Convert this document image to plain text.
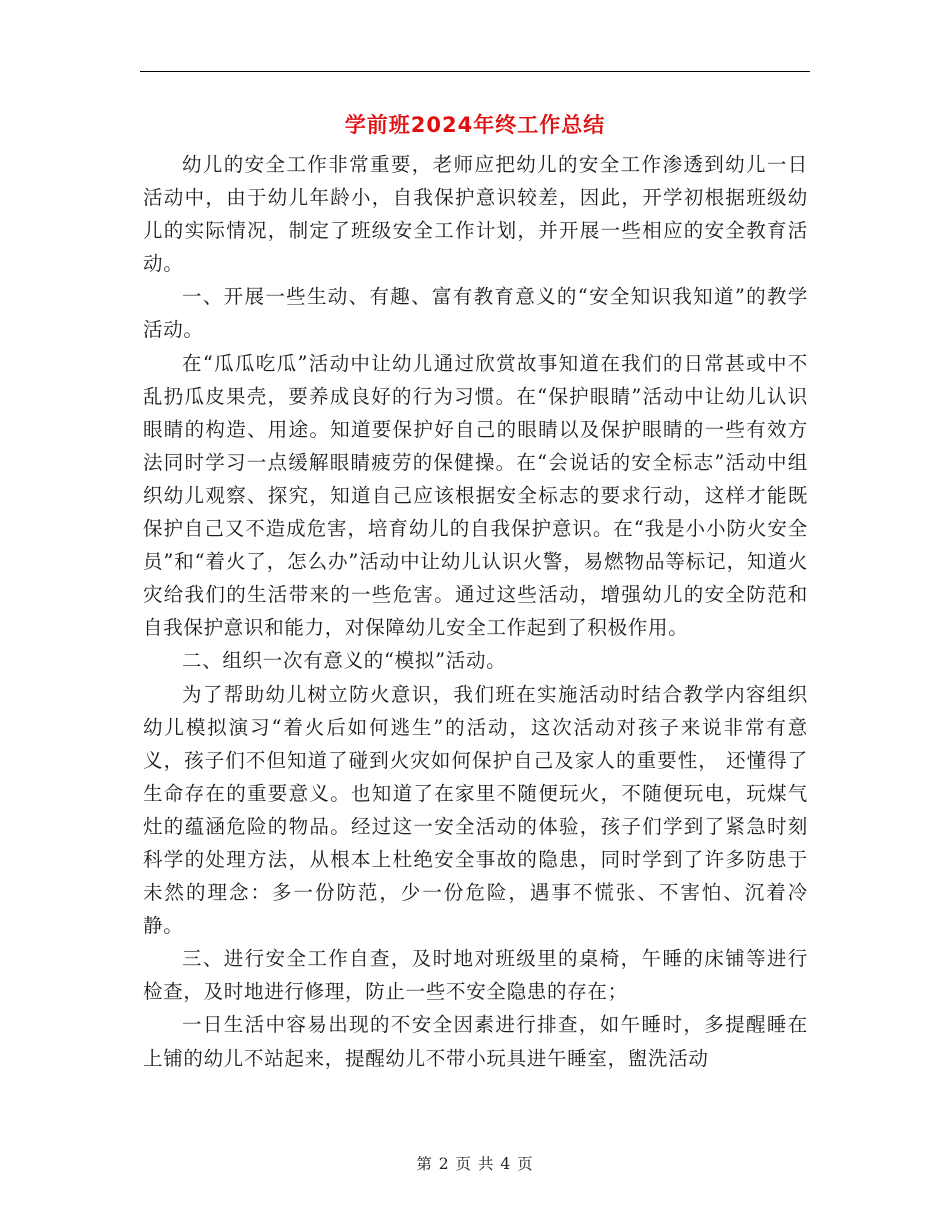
学前班2024年终工作总结

幼儿的安全工作非常重要，老师应把幼儿的安全工作渗透到幼儿一日活动中，由于幼儿年龄小，自我保护意识较差，因此，开学初根据班级幼儿的实际情况，制定了班级安全工作计划，并开展一些相应的安全教育活动。

一、开展一些生动、有趣、富有教育意义的“安全知识我知道”的教学活动。

在“瓜瓜吃瓜”活动中让幼儿通过欣赏故事知道在我们的日常甚或中不乱扔瓜皮果壳，要养成良好的行为习惯。在“保护眼睛”活动中让幼儿认识眼睛的构造、用途。知道要保护好自己的眼睛以及保护眼睛的一些有效方法同时学习一点缓解眼睛疲劳的保健操。在“会说话的安全标志”活动中组织幼儿观察、探究，知道自己应该根据安全标志的要求行动，这样才能既保护自己又不造成危害，培育幼儿的自我保护意识。在“我是小小防火安全员”和“着火了，怎么办”活动中让幼儿认识火警，易燃物品等标记，知道火灾给我们的生活带来的一些危害。通过这些活动，增强幼儿的安全防范和自我保护意识和能力，对保障幼儿安全工作起到了积极作用。

二、组织一次有意义的“模拟”活动。

为了帮助幼儿树立防火意识，我们班在实施活动时结合教学内容组织幼儿模拟演习“着火后如何逃生”的活动，这次活动对孩子来说非常有意义，孩子们不但知道了碰到火灾如何保护自己及家人的重要性， 还懂得了生命存在的重要意义。也知道了在家里不随便玩火，不随便玩电，玩煤气灶的蕴涵危险的物品。经过这一安全活动的体验，孩子们学到了紧急时刻科学的处理方法，从根本上杜绝安全事故的隐患，同时学到了许多防患于未然的理念：多一份防范，少一份危险，遇事不慌张、不害怕、沉着冷静。

三、进行安全工作自查，及时地对班级里的桌椅，午睡的床铺等进行检查，及时地进行修理，防止一些不安全隐患的存在；

一日生活中容易出现的不安全因素进行排查，如午睡时，多提醒睡在上铺的幼儿不站起来，提醒幼儿不带小玩具进午睡室，盥洗活动

第 2 页 共 4 页
